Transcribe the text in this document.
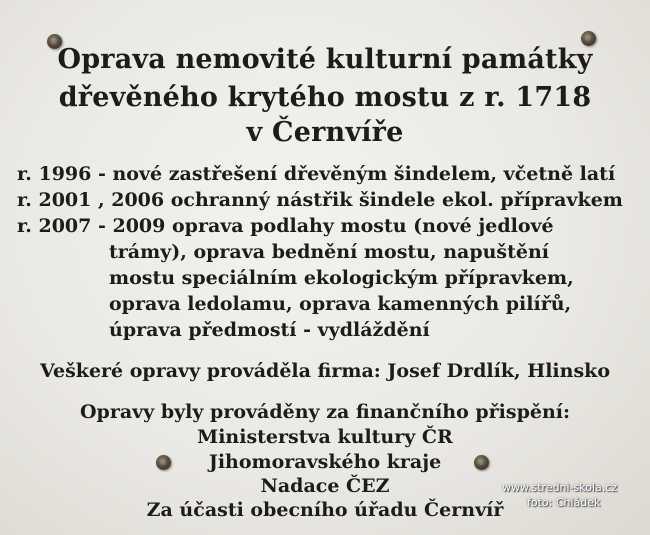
Oprava nemovité kulturní památky
dřevěného krytého mostu z r. 1718
v Černvíře
r. 1996 - nové zastřešení dřevěným šindelem, včetně latí
r. 2001 , 2006 ochranný nástřik šindele ekol. přípravkem
r. 2007 - 2009 oprava podlahy mostu (nové jedlové
trámy), oprava bednění mostu, napuštění
mostu speciálním ekologickým přípravkem,
oprava ledolamu, oprava kamenných pilířů,
úprava předmostí - vydláždění
Veškeré opravy prováděla firma: Josef Drdlík, Hlinsko
Opravy byly prováděny za finančního přispění:
Ministerstva kultury ČR
Jihomoravského kraje
Nadace ČEZ
Za účasti obecního úřadu Černvíř
www.stredni-skola.cz
foto: Chládek
